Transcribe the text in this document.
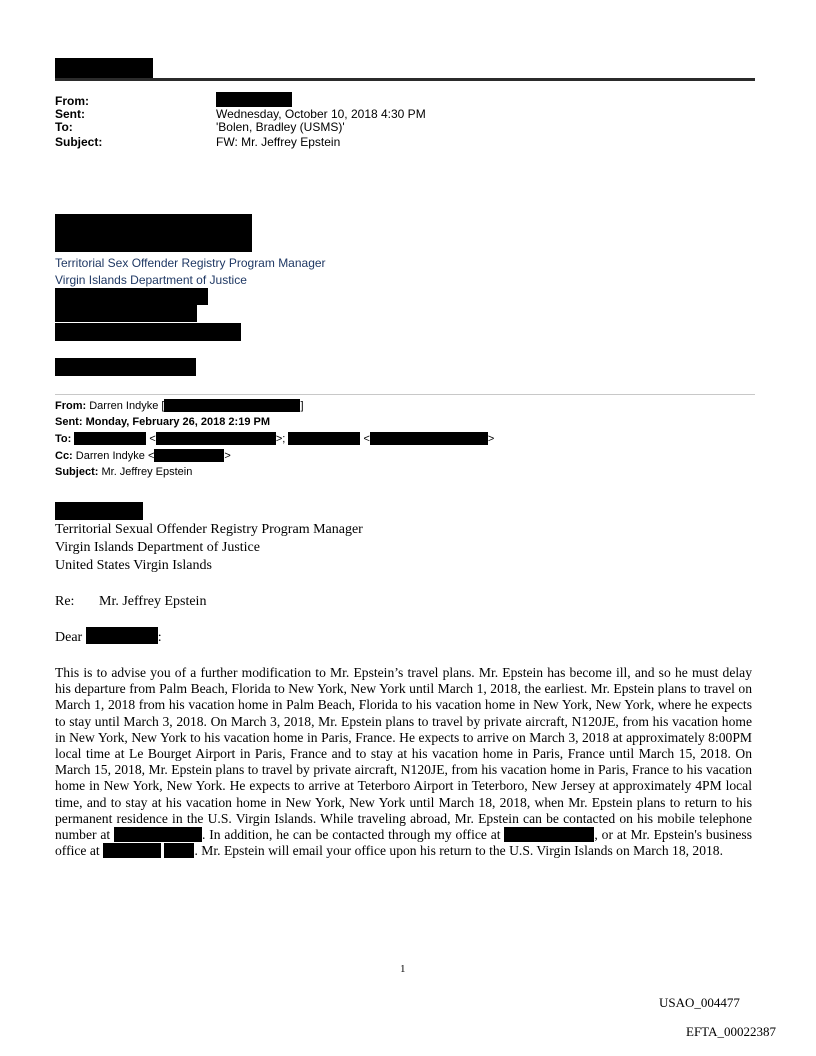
From:
Sent:	Wednesday, October 10, 2018 4:30 PM
To:	'Bolen, Bradley (USMS)'
Subject:	FW: Mr. Jeffrey Epstein
Territorial Sex Offender Registry Program Manager
Virgin Islands Department of Justice
From: Darren Indyke [	]
Sent: Monday, February 26, 2018 2:19 PM
To:	<	>;	<	>
Cc: Darren Indyke <	>
Subject: Mr. Jeffrey Epstein
Territorial Sexual Offender Registry Program Manager
Virgin Islands Department of Justice
United States Virgin Islands
Re: Mr. Jeffrey Epstein
Dear	:
This is to advise you of a further modification to Mr. Epstein’s travel plans. Mr. Epstein has become ill, and so he must delay his departure from Palm Beach, Florida to New York, New York until March 1, 2018, the earliest. Mr. Epstein plans to travel on March 1, 2018 from his vacation home in Palm Beach, Florida to his vacation home in New York, New York, where he expects to stay until March 3, 2018. On March 3, 2018, Mr. Epstein plans to travel by private aircraft, N120JE, from his vacation home in New York, New York to his vacation home in Paris, France. He expects to arrive on March 3, 2018 at approximately 8:00PM local time at Le Bourget Airport in Paris, France and to stay at his vacation home in Paris, France until March 15, 2018. On March 15, 2018, Mr. Epstein plans to travel by private aircraft, N120JE, from his vacation home in Paris, France to his vacation home in New York, New York. He expects to arrive at Teterboro Airport in Teterboro, New Jersey at approximately 4PM local time, and to stay at his vacation home in New York, New York until March 18, 2018, when Mr. Epstein plans to return to his permanent residence in the U.S. Virgin Islands. While traveling abroad, Mr. Epstein can be contacted on his mobile telephone number at	. In addition, he can be contacted through my office at	, or at Mr. Epstein's business office at	. Mr. Epstein will email your office upon his return to the U.S. Virgin Islands on March 18, 2018.
1
USAO_004477
EFTA_00022387
